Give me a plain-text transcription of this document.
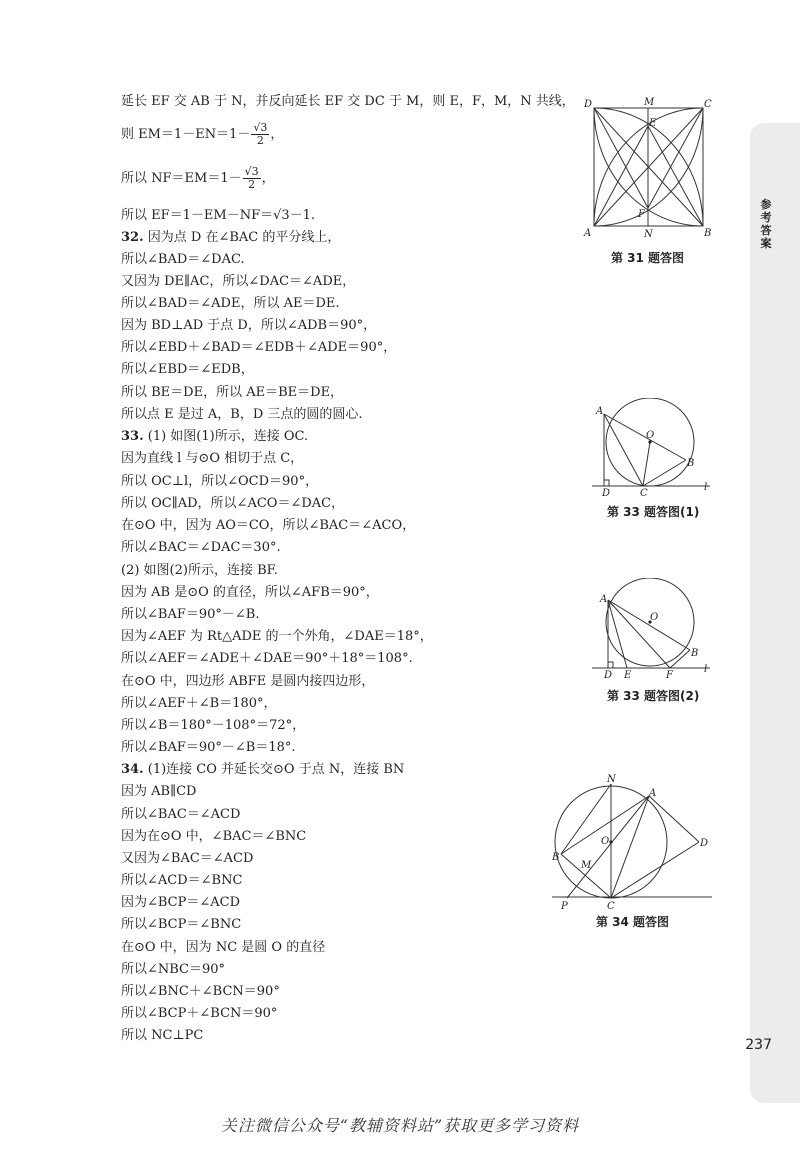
延长 EF 交 AB 于 N，并反向延长 EF 交 DC 于 M，则 E，F，M，N 共线，
则 $EM=1-EN=1- \frac{√3}{2}$ ，
所以 $NF=EM=1- \frac{√3}{2}$ ，
所以 EF＝1－EM－NF＝√3－1.
32. 因为点 D 在∠BAC 的平分线上，
所以∠BAD＝∠DAC.
又因为 DE∥AC，所以∠DAC＝∠ADE，
所以∠BAD＝∠ADE，所以 AE＝DE.
因为 BD⊥AD 于点 D，所以∠ADB＝90°，
所以∠EBD＋∠BAD＝∠EDB＋∠ADE＝90°，
所以∠EBD＝∠EDB，
所以 BE＝DE，所以 AE＝BE＝DE，
所以点 E 是过 A，B，D 三点的圆的圆心.
33. (1) 如图(1)所示，连接 OC.
因为直线 l 与⊙O 相切于点 C，
所以 OC⊥l，所以∠OCD＝90°，
所以 OC∥AD，所以∠ACO＝∠DAC，
在⊙O 中，因为 AO＝CO，所以∠BAC＝∠ACO，
所以∠BAC＝∠DAC＝30°.
(2) 如图(2)所示，连接 BF.
因为 AB 是⊙O 的直径，所以∠AFB＝90°，
所以∠BAF＝90°－∠B.
因为∠AEF 为 Rt△ADE 的一个外角，∠DAE＝18°，
所以∠AEF＝∠ADE＋∠DAE＝90°＋18°＝108°.
在⊙O 中，四边形 ABFE 是圆内接四边形，
所以∠AEF＋∠B＝180°，
所以∠B＝180°－108°＝72°，
所以∠BAF＝90°－∠B＝18°.
34. (1)连接 CO 并延长交⊙O 于点 N，连接 BN
因为 AB∥CD
所以∠BAC＝∠ACD
因为在⊙O 中，∠BAC＝∠BNC
又因为∠BAC＝∠ACD
所以∠ACD＝∠BNC
因为∠BCP＝∠ACD
所以∠BCP＝∠BNC
在⊙O 中，因为 NC 是圆 O 的直径
所以∠NBC＝90°
所以∠BNC＋∠BCN＝90°
所以∠BCP＋∠BCN＝90°
所以 NC⊥PC
D	M	C
E
F
A	N	B
第 31 题答图
A
O
B
D	C
l
第 33 题答图(1)
A
O
B
D E	F
l
第 33 题答图(2)
N
A
O	D
B
M
P	C
第 34 题答图
参考答案
237
关注微信公众号“教辅资料站”获取更多学习资料
